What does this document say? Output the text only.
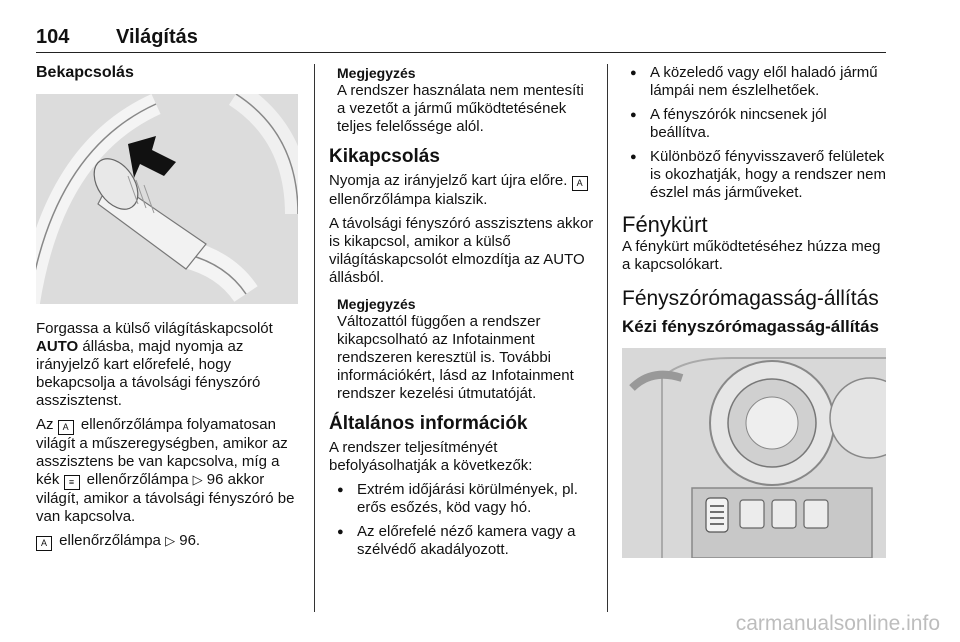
104 Világítás
Bekapcsolás

Forgassa a külső világításkapcsolót AUTO állásba, majd nyomja az irányjelző kart előrefelé, hogy bekapcsolja a távolsági fényszóró asszisztenst.

Az A ellenőrzőlámpa folyamatosan világít a műszeregységben, amikor az asszisztens be van kapcsolva, míg a kék ≡ ellenőrzőlámpa ▷ 96 akkor világít, amikor a távolsági fényszóró be van kapcsolva.

A ellenőrzőlámpa ▷ 96.

Megjegyzés
A rendszer használata nem mentesíti a vezetőt a jármű működtetésének teljes felelőssége alól.
Kikapcsolás

Nyomja az irányjelző kart újra előre. A ellenőrzőlámpa kialszik.

A távolsági fényszóró asszisztens akkor is kikapcsol, amikor a külső világításkapcsolót elmozdítja az AUTO állásból.

Megjegyzés
Változattól függően a rendszer kikapcsolható az Infotainment rendszeren keresztül is. További információkért, lásd az Infotainment rendszer kezelési útmutatóját.
Általános információk

A rendszer teljesítményét befolyásolhatják a következők:

● Extrém időjárási körülmények, pl. erős esőzés, köd vagy hó.
● Az előrefelé néző kamera vagy a szélvédő akadályozott.
● A közeledő vagy elől haladó jármű lámpái nem észlelhetőek.
● A fényszórók nincsenek jól beállítva.
● Különböző fényvisszaverő felületek is okozhatják, hogy a rendszer nem észlel más járműveket.
Fénykürt

A fénykürt működtetéséhez húzza meg a kapcsolókart.

Fényszórómagasság-állítás
Kézi fényszórómagasság-állítás
carmanualsonline.info
